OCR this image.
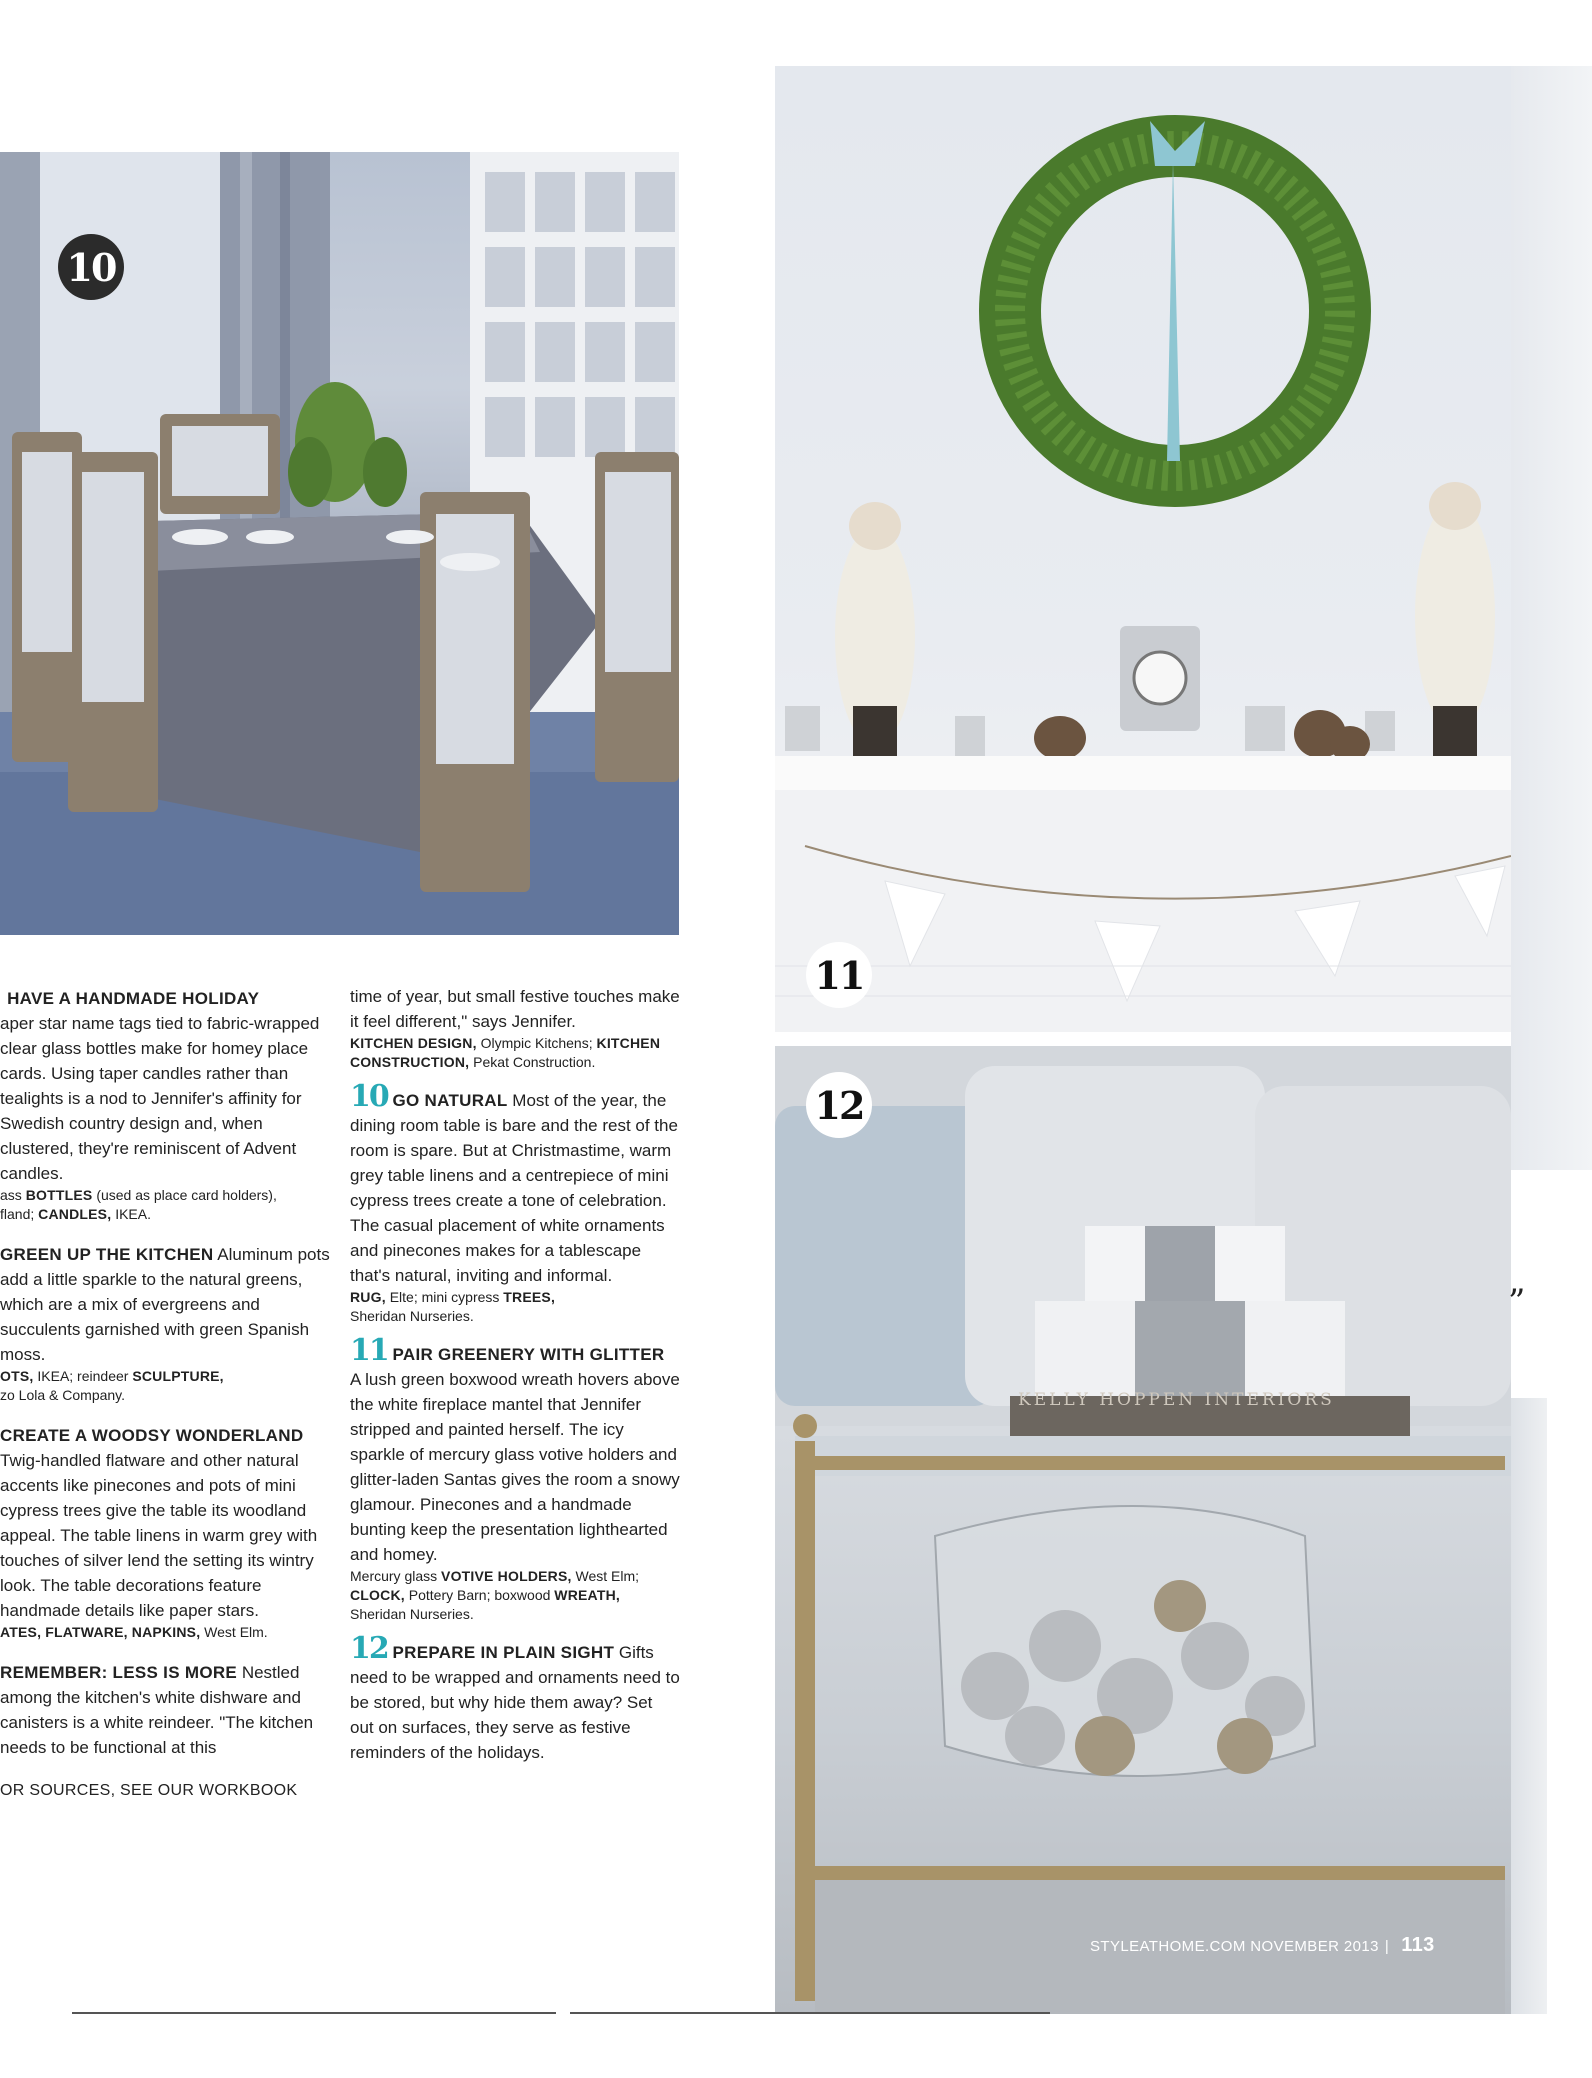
10
11
12
”

HAVE A HANDMADE HOLIDAY
aper star name tags tied to fabric-wrapped clear glass bottles make for homey place cards. Using taper candles rather than tealights is a nod to Jennifer's affinity for Swedish country design and, when clustered, they're reminiscent of Advent candles.

ass BOTTLES (used as place card holders),
fland; CANDLES, IKEA.

GREEN UP THE KITCHEN Aluminum pots add a little sparkle to the natural greens, which are a mix of evergreens and succulents garnished with green Spanish moss.

OTS, IKEA; reindeer SCULPTURE,
zo Lola & Company.

CREATE A WOODSY WONDERLAND Twig-handled flatware and other natural accents like pinecones and pots of mini cypress trees give the table its woodland appeal. The table linens in warm grey with touches of silver lend the setting its wintry look. The table decorations feature handmade details like paper stars.

ATES, FLATWARE, NAPKINS, West Elm.

REMEMBER: LESS IS MORE Nestled among the kitchen's white dishware and canisters is a white reindeer. "The kitchen needs to be functional at this

OR SOURCES, SEE OUR WORKBOOK

time of year, but small festive touches make it feel different," says Jennifer.

KITCHEN DESIGN, Olympic Kitchens; KITCHEN CONSTRUCTION, Pekat Construction.

10 GO NATURAL Most of the year, the dining room table is bare and the rest of the room is spare. But at Christmastime, warm grey table linens and a centrepiece of mini cypress trees create a tone of celebration. The casual placement of white ornaments and pinecones makes for a tablescape that's natural, inviting and informal.

RUG, Elte; mini cypress TREES,
Sheridan Nurseries.

11 PAIR GREENERY WITH GLITTER
A lush green boxwood wreath hovers above the white fireplace mantel that Jennifer stripped and painted herself. The icy sparkle of mercury glass votive holders and glitter-laden Santas gives the room a snowy glamour. Pinecones and a handmade bunting keep the presentation lighthearted and homey.

Mercury glass VOTIVE HOLDERS, West Elm;
CLOCK, Pottery Barn; boxwood WREATH,
Sheridan Nurseries.

12 PREPARE IN PLAIN SIGHT Gifts need to be wrapped and ornaments need to be stored, but why hide them away? Set out on surfaces, they serve as festive reminders of the holidays.

KELLY HOPPEN INTERIORS
STYLEATHOME.COM NOVEMBER 2013 | 113
